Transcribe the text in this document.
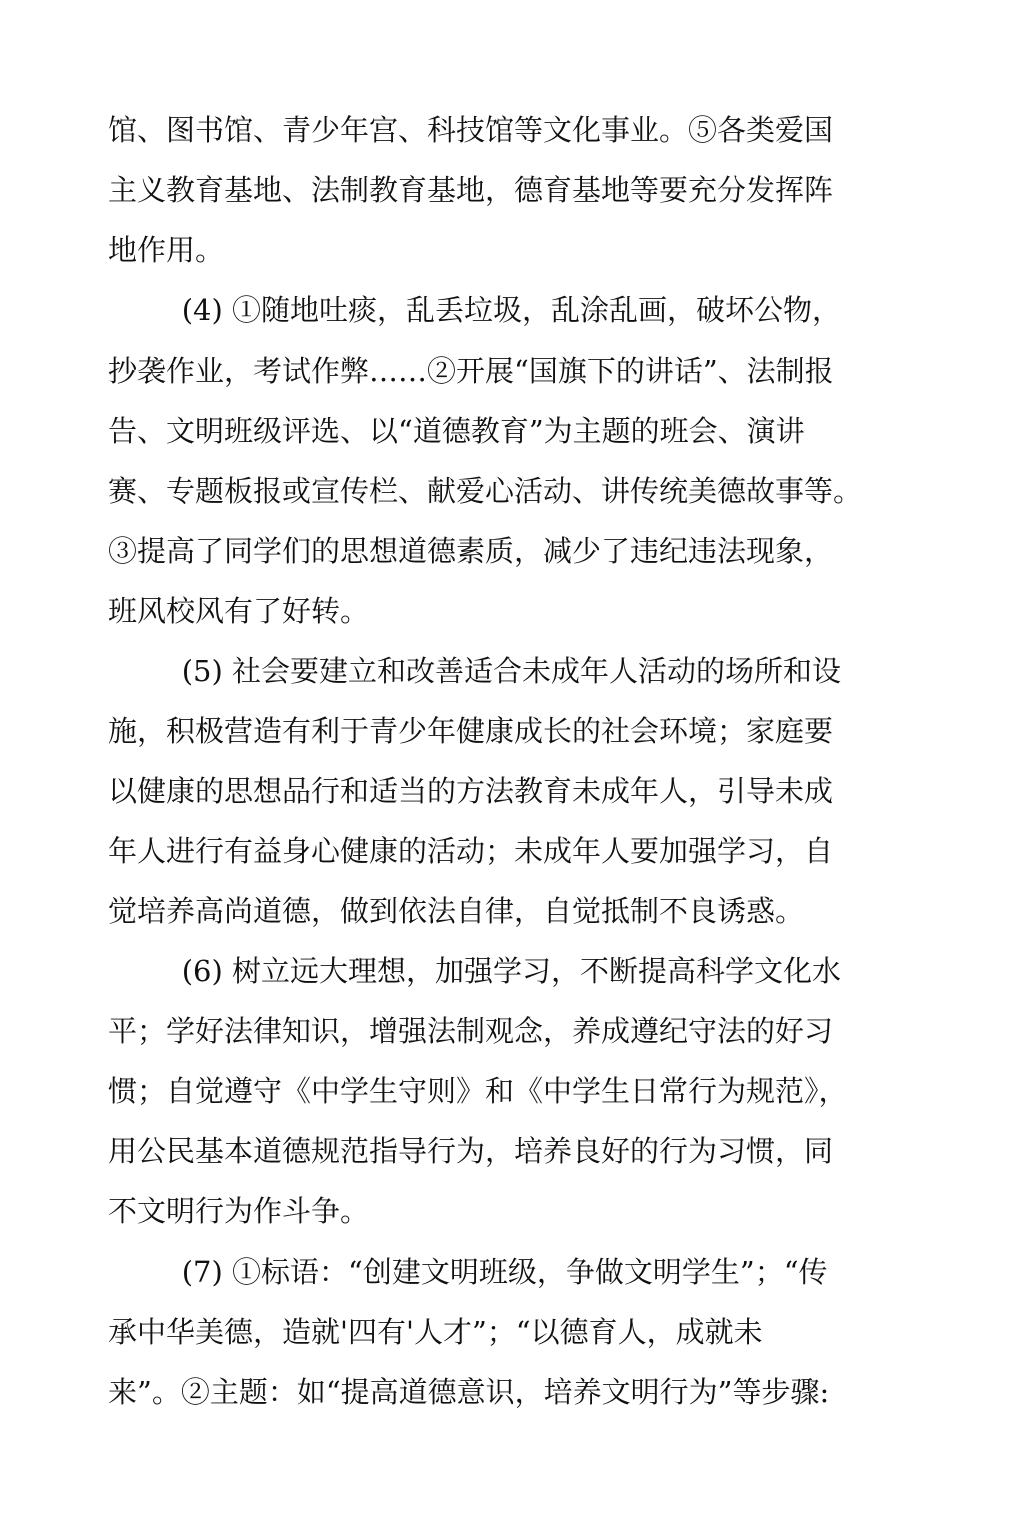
馆、图书馆、青少年宫、科技馆等文化事业。⑤各类爱国
主义教育基地、法制教育基地，德育基地等要充分发挥阵
地作用。
(4) ①随地吐痰，乱丢垃圾，乱涂乱画，破坏公物，
抄袭作业，考试作弊……②开展“国旗下的讲话”、法制报
告、文明班级评选、以“道德教育”为主题的班会、演讲
赛、专题板报或宣传栏、献爱心活动、讲传统美德故事等。
③提高了同学们的思想道德素质，减少了违纪违法现象，
班风校风有了好转。
(5) 社会要建立和改善适合未成年人活动的场所和设
施，积极营造有利于青少年健康成长的社会环境；家庭要
以健康的思想品行和适当的方法教育未成年人，引导未成
年人进行有益身心健康的活动；未成年人要加强学习，自
觉培养高尚道德，做到依法自律，自觉抵制不良诱惑。
(6) 树立远大理想，加强学习，不断提高科学文化水
平；学好法律知识，增强法制观念，养成遵纪守法的好习
惯；自觉遵守《中学生守则》和《中学生日常行为规范》，
用公民基本道德规范指导行为，培养良好的行为习惯，同
不文明行为作斗争。
(7) ①标语：“创建文明班级，争做文明学生”；“传
承中华美德，造就'四有'人才”；“以德育人，成就未
来”。②主题：如“提高道德意识，培养文明行为”等步骤:
